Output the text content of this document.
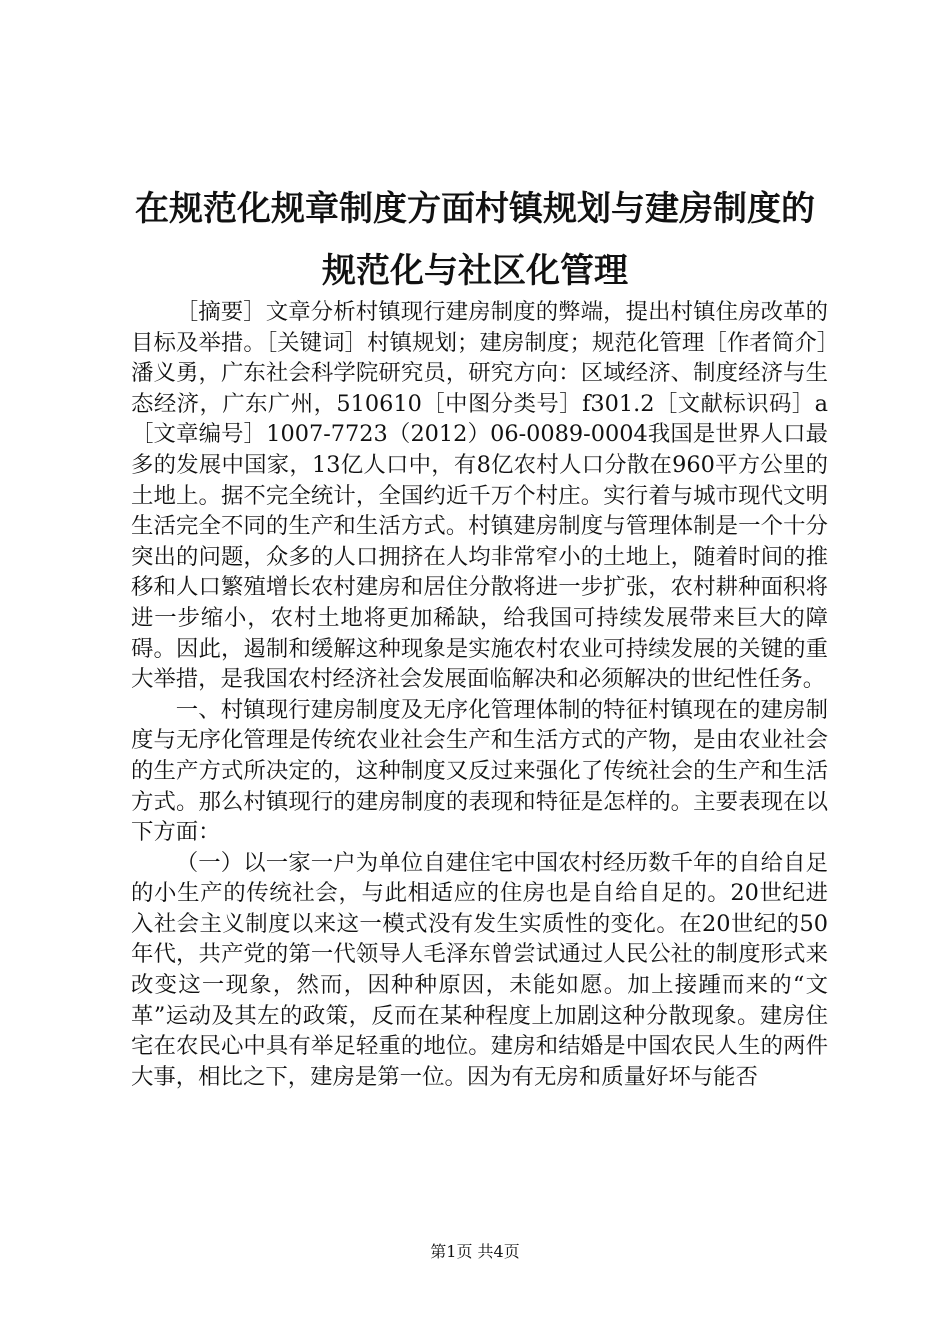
在规范化规章制度方面村镇规划与建房制度的
规范化与社区化管理

［摘要］文章分析村镇现行建房制度的弊端，提出村镇住房改革的目标及举措。［关键词］村镇规划；建房制度；规范化管理［作者简介］潘义勇，广东社会科学院研究员，研究方向：区域经济、制度经济与生态经济，广东广州，510610［中图分类号］f301.2［文献标识码］a［文章编号］1007-7723（2012）06-0089-0004我国是世界人口最多的发展中国家，13亿人口中，有8亿农村人口分散在960平方公里的土地上。据不完全统计，全国约近千万个村庄。实行着与城市现代文明生活完全不同的生产和生活方式。村镇建房制度与管理体制是一个十分突出的问题，众多的人口拥挤在人均非常窄小的土地上，随着时间的推移和人口繁殖增长农村建房和居住分散将进一步扩张，农村耕种面积将进一步缩小，农村土地将更加稀缺，给我国可持续发展带来巨大的障碍。因此，遏制和缓解这种现象是实施农村农业可持续发展的关键的重大举措，是我国农村经济社会发展面临解决和必须解决的世纪性任务。

一、村镇现行建房制度及无序化管理体制的特征村镇现在的建房制度与无序化管理是传统农业社会生产和生活方式的产物，是由农业社会的生产方式所决定的，这种制度又反过来强化了传统社会的生产和生活方式。那么村镇现行的建房制度的表现和特征是怎样的。主要表现在以下方面：

（一）以一家一户为单位自建住宅中国农村经历数千年的自给自足的小生产的传统社会，与此相适应的住房也是自给自足的。20世纪进入社会主义制度以来这一模式没有发生实质性的变化。在20世纪的50年代，共产党的第一代领导人毛泽东曾尝试通过人民公社的制度形式来改变这一现象，然而，因种种原因，未能如愿。加上接踵而来的“文革”运动及其左的政策，反而在某种程度上加剧这种分散现象。建房住宅在农民心中具有举足轻重的地位。建房和结婚是中国农民人生的两件大事，相比之下，建房是第一位。因为有无房和质量好坏与能否

第1页 共4页
